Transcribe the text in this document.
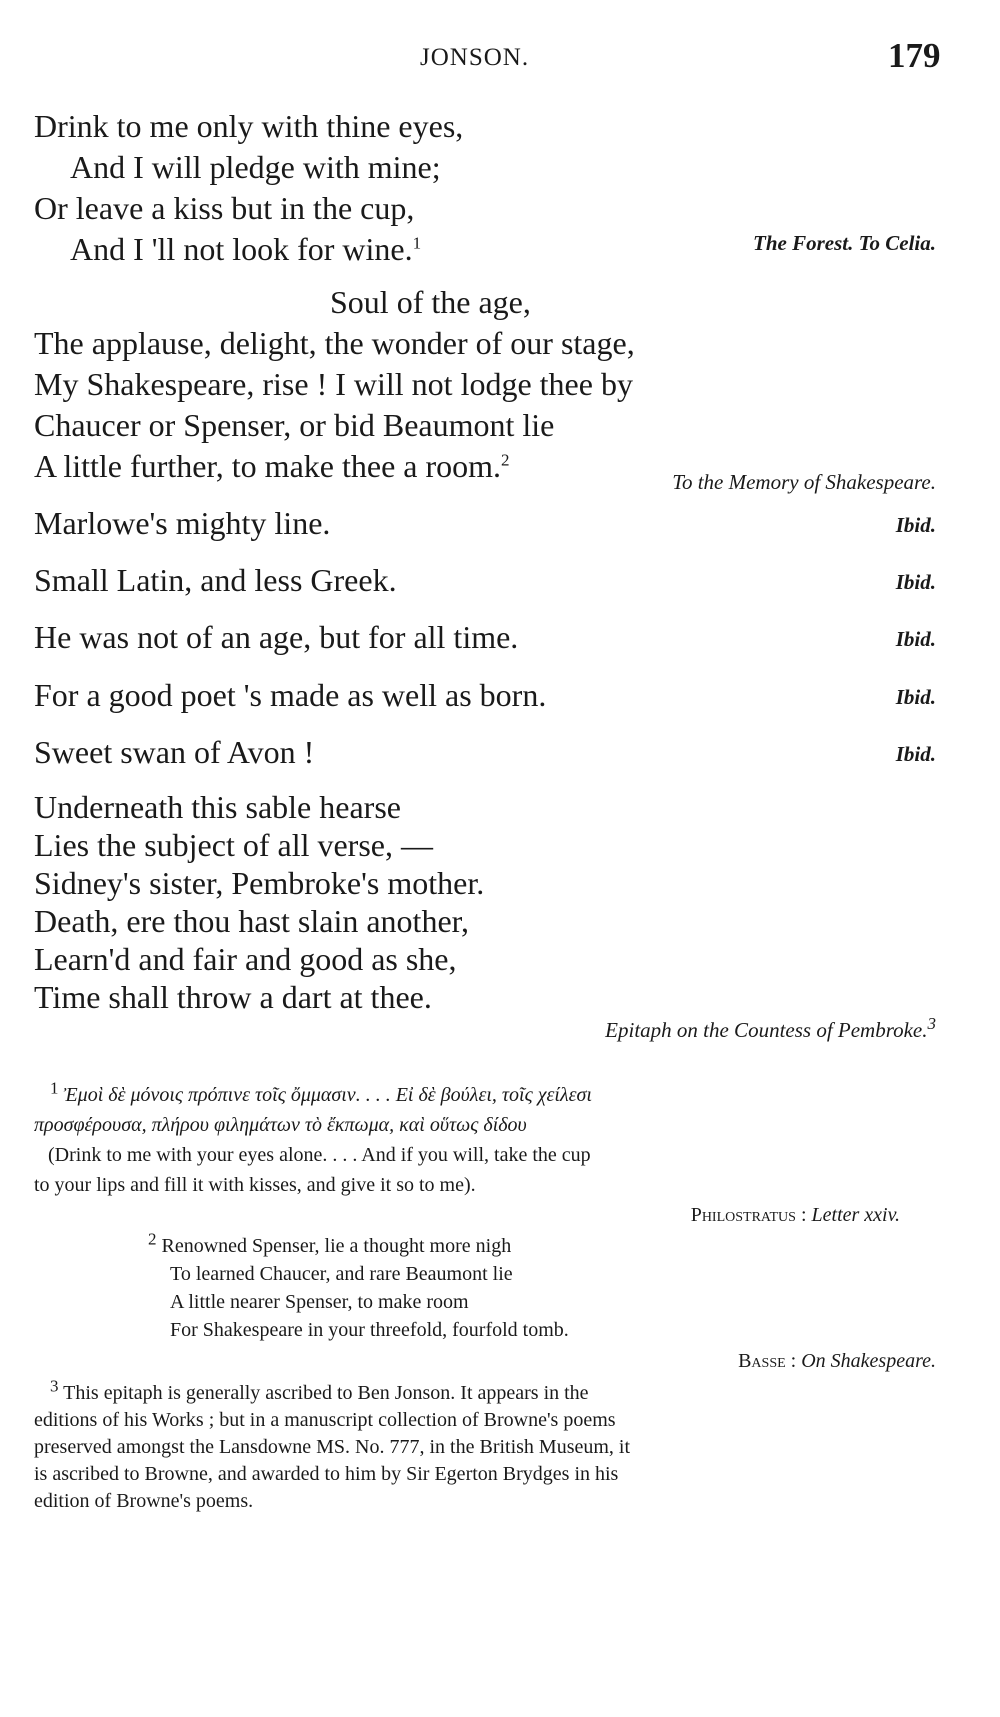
JONSON.	179
Drink to me only with thine eyes,
And I will pledge with mine;
Or leave a kiss but in the cup,
And I 'll not look for wine.$^1$	The Forest. To Celia.
Soul of the age,
The applause, delight, the wonder of our stage,
My Shakespeare, rise ! I will not lodge thee by
Chaucer or Spenser, or bid Beaumont lie
A little further, to make thee a room.$^2$
To the Memory of Shakespeare.
Marlowe's mighty line.	Ibid.
Small Latin, and less Greek.	Ibid.
He was not of an age, but for all time.	Ibid.
For a good poet 's made as well as born.	Ibid.
Sweet swan of Avon !	Ibid.
Underneath this sable hearse
Lies the subject of all verse, —
Sidney's sister, Pembroke's mother.
Death, ere thou hast slain another,
Learn'd and fair and good as she,
Time shall throw a dart at thee.
Epitaph on the Countess of Pembroke.$^3$
$^1$ Ἐμοὶ δὲ μόνοις πρόπινε τοῖς ὄμμασιν. . . . Εἰ δὲ βούλει, τοῖς χείλεσι
προσφέρουσα, πλήρου φιλημάτων τὸ ἔκπωμα, καὶ οὕτως δίδου
(Drink to me with your eyes alone. . . . And if you will, take the cup
to your lips and fill it with kisses, and give it so to me).
Philostratus : Letter xxiv.
$^2$ Renowned Spenser, lie a thought more nigh
To learned Chaucer, and rare Beaumont lie
A little nearer Spenser, to make room
For Shakespeare in your threefold, fourfold tomb.
Basse : On Shakespeare.
$^3$ This epitaph is generally ascribed to Ben Jonson. It appears in the
editions of his Works ; but in a manuscript collection of Browne's poems
preserved amongst the Lansdowne MS. No. 777, in the British Museum, it
is ascribed to Browne, and awarded to him by Sir Egerton Brydges in his
edition of Browne's poems.
